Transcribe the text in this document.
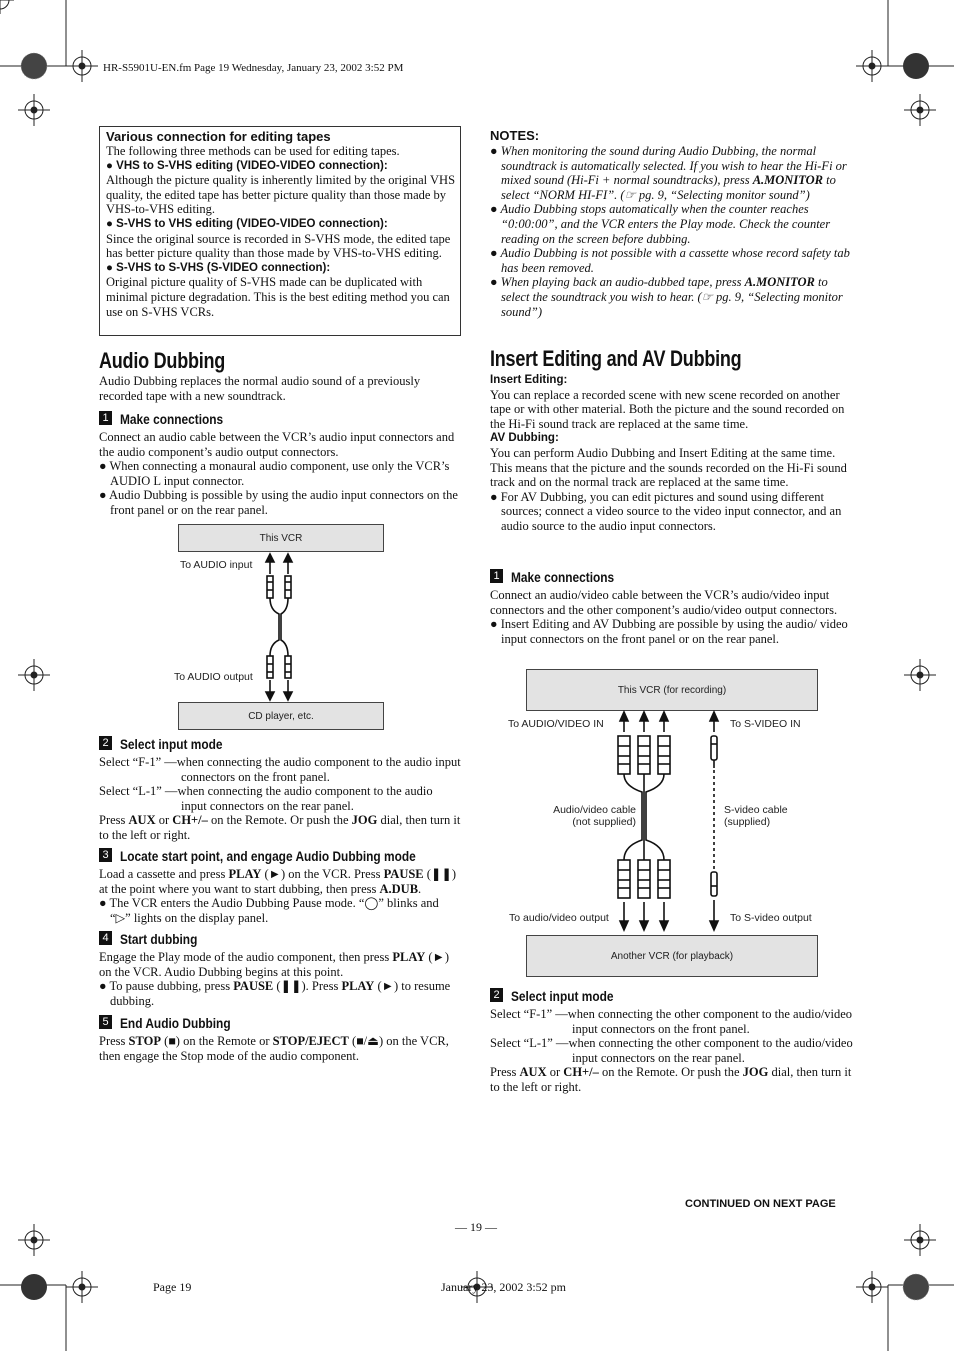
HR-S5901U-EN.fm Page 19 Wednesday, January 23, 2002 3:52 PM
Various connection for editing tapes
The following three methods can be used for editing tapes.
● VHS to S-VHS editing (VIDEO-VIDEO connection):
Although the picture quality is inherently limited by the original VHS quality, the edited tape has better picture quality than those made by VHS-to-VHS editing.
● S-VHS to VHS editing (VIDEO-VIDEO connection):
Since the original source is recorded in S-VHS mode, the edited tape has better picture quality than those made by VHS-to-VHS editing.
● S-VHS to S-VHS (S-VIDEO connection):
Original picture quality of S-VHS made can be duplicated with minimal picture degradation. This is the best editing method you can use on S-VHS VCRs.
Audio Dubbing
Audio Dubbing replaces the normal audio sound of a previously recorded tape with a new soundtrack.
1 Make connections

Connect an audio cable between the VCR’s audio input connectors and the audio component’s audio output connectors.

● When connecting a monaural audio component, use only the VCR’s AUDIO L input connector.

● Audio Dubbing is possible by using the audio input connectors on the front panel or on the rear panel.

This VCR
CD player, etc.
To AUDIO input
To AUDIO output
2 Select input mode

Select “F-1” —when connecting the audio component to the audio input connectors on the front panel.

Select “L-1” —when connecting the audio component to the audio input connectors on the rear panel.

Press AUX or CH+/– on the Remote. Or push the JOG dial, then turn it to the left or right.

3 Locate start point, and engage Audio Dubbing mode

Load a cassette and press PLAY (►) on the VCR. Press PAUSE (❚❚) at the point where you want to start dubbing, then press A.DUB.

● The VCR enters the Audio Dubbing Pause mode. “◯” blinks and “▷” lights on the display panel.

4 Start dubbing

Engage the Play mode of the audio component, then press PLAY (►) on the VCR. Audio Dubbing begins at this point.

● To pause dubbing, press PAUSE (❚❚). Press PLAY (►) to resume dubbing.

5 End Audio Dubbing

Press STOP (■) on the Remote or STOP/EJECT (■/⏏) on the VCR, then engage the Stop mode of the audio component.

NOTES:

● When monitoring the sound during Audio Dubbing, the normal soundtrack is automatically selected. If you wish to hear the Hi-Fi or mixed sound (Hi-Fi + normal soundtracks), press A.MONITOR to select “NORM HI-FI”. (☞ pg. 9, “Selecting monitor sound”)

● Audio Dubbing stops automatically when the counter reaches “0:00:00”, and the VCR enters the Play mode. Check the counter reading on the screen before dubbing.

● Audio Dubbing is not possible with a cassette whose record safety tab has been removed.

● When playing back an audio-dubbed tape, press A.MONITOR to select the soundtrack you wish to hear. (☞ pg. 9, “Selecting monitor sound”)

Insert Editing and AV Dubbing

Insert Editing:

You can replace a recorded scene with new scene recorded on another tape or with other material. Both the picture and the sound recorded on the Hi-Fi sound track are replaced at the same time.

AV Dubbing:

You can perform Audio Dubbing and Insert Editing at the same time. This means that the picture and the sounds recorded on the Hi-Fi sound track and on the normal track are replaced at the same time.

● For AV Dubbing, you can edit pictures and sound using different sources; connect a video source to the video input connector, and an audio source to the audio input connectors.

1 Make connections

Connect an audio/video cable between the VCR’s audio/video input connectors and the other component’s audio/video output connectors.

● Insert Editing and AV Dubbing are possible by using the audio/ video input connectors on the front panel or on the rear panel.

This VCR (for recording)
Another VCR (for playback)
To AUDIO/VIDEO IN	To S-VIDEO IN
Audio/video cable
(not supplied)
S-video cable
(supplied)
To audio/video output	To S-video output
2 Select input mode

Select “F-1” —when connecting the other component to the audio/video input connectors on the front panel.

Select “L-1” —when connecting the other component to the audio/video input connectors on the rear panel.

Press AUX or CH+/– on the Remote. Or push the JOG dial, then turn it to the left or right.

CONTINUED ON NEXT PAGE
— 19 —
Page 19	January 23, 2002 3:52 pm
